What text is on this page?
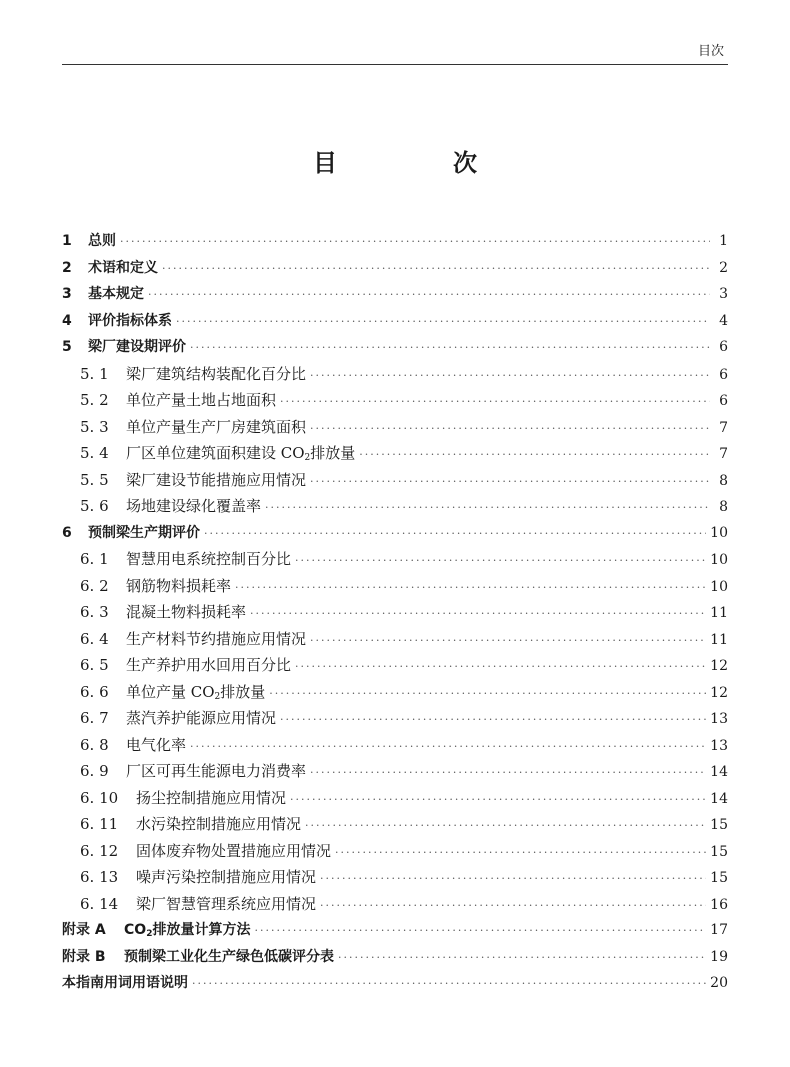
目次
目　次
1	总则 ·····	1
2	术语和定义 ·····	2
3	基本规定 ·····	3
4	评价指标体系 ·····	4
5	梁厂建设期评价 ·····	6
5. 1	梁厂建筑结构装配化百分比 ·····	6
5. 2	单位产量土地占地面积 ·····	6
5. 3	单位产量生产厂房建筑面积 ·····	7
5. 4	厂区单位建筑面积建设 $CO_2$排放量 ·····	7
5. 5	梁厂建设节能措施应用情况 ·····	8
5. 6	场地建设绿化覆盖率 ·····	8
6	预制梁生产期评价 ·····	10
6. 1	智慧用电系统控制百分比 ·····	10
6. 2	钢筋物料损耗率 ·····	10
6. 3	混凝土物料损耗率 ·····	11
6. 4	生产材料节约措施应用情况 ·····	11
6. 5	生产养护用水回用百分比 ·····	12
6. 6	单位产量 $CO_2$排放量 ·····	12
6. 7	蒸汽养护能源应用情况 ·····	13
6. 8	电气化率 ·····	13
6. 9	厂区可再生能源电力消费率 ·····	14
6. 10	扬尘控制措施应用情况 ·····	14
6. 11	水污染控制措施应用情况 ·····	15
6. 12	固体废弃物处置措施应用情况 ·····	15
6. 13	噪声污染控制措施应用情况 ·····	15
6. 14	梁厂智慧管理系统应用情况 ·····	16
附录 A	$CO_2$排放量计算方法 ·····	17
附录 B	预制梁工业化生产绿色低碳评分表 ·····	19
本指南用词用语说明 ·····	20
